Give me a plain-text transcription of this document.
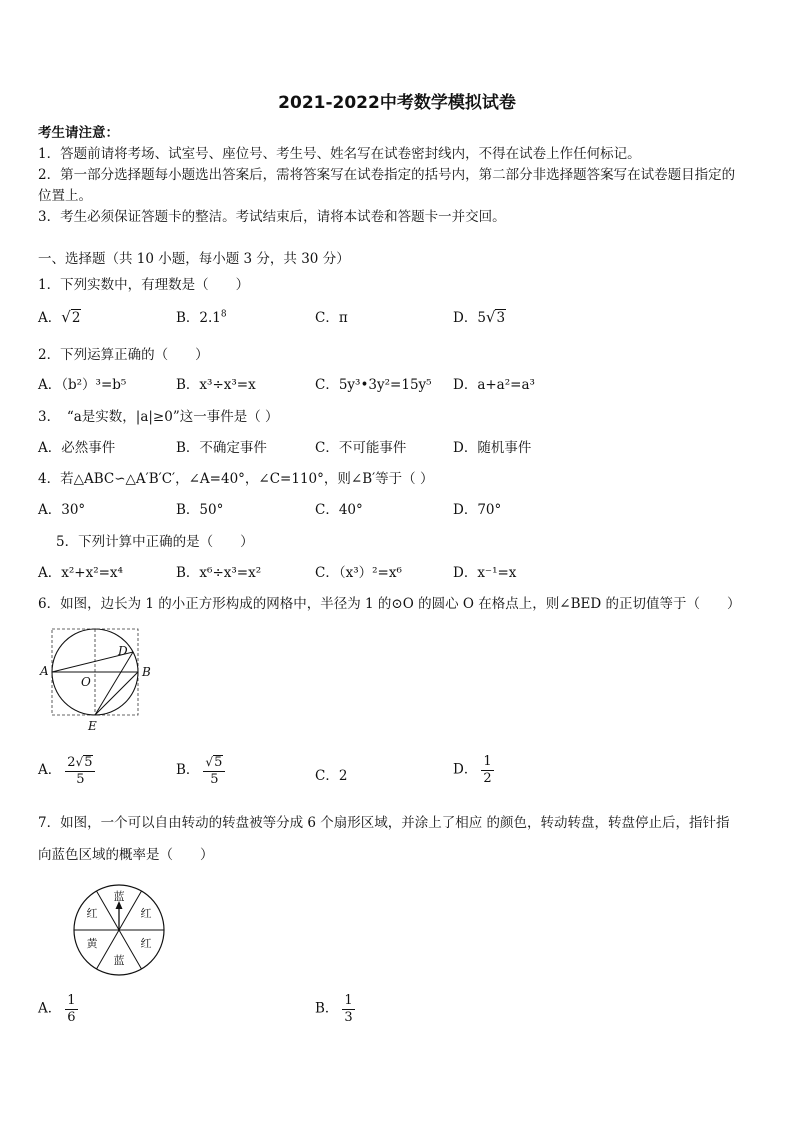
2021-2022中考数学模拟试卷
考生请注意：
1．答题前请将考场、试室号、座位号、考生号、姓名写在试卷密封线内，不得在试卷上作任何标记。
2．第一部分选择题每小题选出答案后，需将答案写在试卷指定的括号内，第二部分非选择题答案写在试卷题目指定的
位置上。
3．考生必须保证答题卡的整洁。考试结束后，请将本试卷和答题卡一并交回。
一、选择题（共 10 小题，每小题 3 分，共 30 分）
1．下列实数中，有理数是（　　）
A．√2	B．$2.1^8$	C．π	D．5√3
2．下列运算正确的（　　）
A．（b²）³=b⁵	B．x³÷x³=x	C．5y³•3y²=15y⁵ D．a+a²=a³
3．　“a是实数，|a|≥0”这一事件是（ ）
A．必然事件	B．不确定事件	C．不可能事件	D．随机事件
4．若△ABC∽△A′B′C′，∠A=40°，∠C=110°，则∠B′等于（ ）
A．30°	B．50°	C．40°	D．70°
5．下列计算中正确的是（　　）
A．x²+x²=x⁴	B．x⁶÷x³=x²	C．（x³）²=x⁶	D．x⁻¹=x
6．如图，边长为 1 的小正方形构成的网格中，半径为 1 的⊙O 的圆心 O 在格点上，则∠BED 的正切值等于（　　）
A	B
D
E
O
A． $\frac{2√5}{5}$	B． $\frac{√5}{5}$	C．2	D． $\frac{1}{2}$
7．如图，一个可以自由转动的转盘被等分成 6 个扇形区域，并涂上了相应 的颜色，转动转盘，转盘停止后，指针指
向蓝色区域的概率是（　　）
蓝
红
红
蓝
黄
红
A． $\frac{1}{6}$	B． $\frac{1}{3}$
